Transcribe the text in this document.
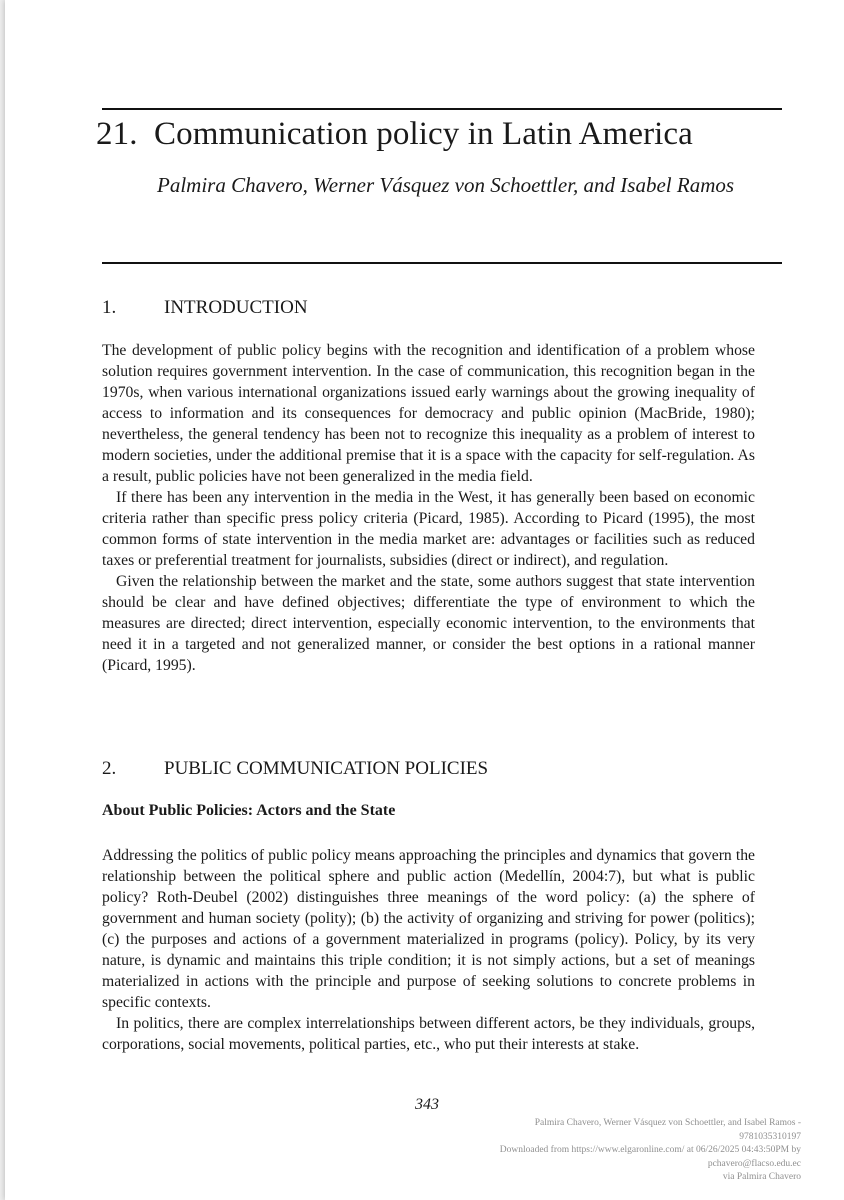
21. Communication policy in Latin America

Palmira Chavero, Werner Vásquez von Schoettler, and Isabel Ramos

1.	INTRODUCTION

The development of public policy begins with the recognition and identification of a problem whose solution requires government intervention. In the case of communication, this recognition began in the 1970s, when various international organizations issued early warnings about the growing inequality of access to information and its consequences for democracy and public opinion (MacBride, 1980); nevertheless, the general tendency has been not to recognize this inequality as a problem of interest to modern societies, under the additional premise that it is a space with the capacity for self-regulation. As a result, public policies have not been generalized in the media field.

If there has been any intervention in the media in the West, it has generally been based on economic criteria rather than specific press policy criteria (Picard, 1985). According to Picard (1995), the most common forms of state intervention in the media market are: advantages or facilities such as reduced taxes or preferential treatment for journalists, subsidies (direct or indirect), and regulation.

Given the relationship between the market and the state, some authors suggest that state intervention should be clear and have defined objectives; differentiate the type of environment to which the measures are directed; direct intervention, especially economic intervention, to the environments that need it in a targeted and not generalized manner, or consider the best options in a rational manner (Picard, 1995).

2.	PUBLIC COMMUNICATION POLICIES
About Public Policies: Actors and the State

Addressing the politics of public policy means approaching the principles and dynamics that govern the relationship between the political sphere and public action (Medellín, 2004:7), but what is public policy? Roth-Deubel (2002) distinguishes three meanings of the word policy: (a) the sphere of government and human society (polity); (b) the activity of organizing and striving for power (politics); (c) the purposes and actions of a government materialized in programs (policy). Policy, by its very nature, is dynamic and maintains this triple condition; it is not simply actions, but a set of meanings materialized in actions with the principle and purpose of seeking solutions to concrete problems in specific contexts.

In politics, there are complex interrelationships between different actors, be they individuals, groups, corporations, social movements, political parties, etc., who put their interests at stake.

343
Palmira Chavero, Werner Vásquez von Schoettler, and Isabel Ramos -
9781035310197
Downloaded from https://www.elgaronline.com/ at 06/26/2025 04:43:50PM by
pchavero@flacso.edu.ec
via Palmira Chavero
